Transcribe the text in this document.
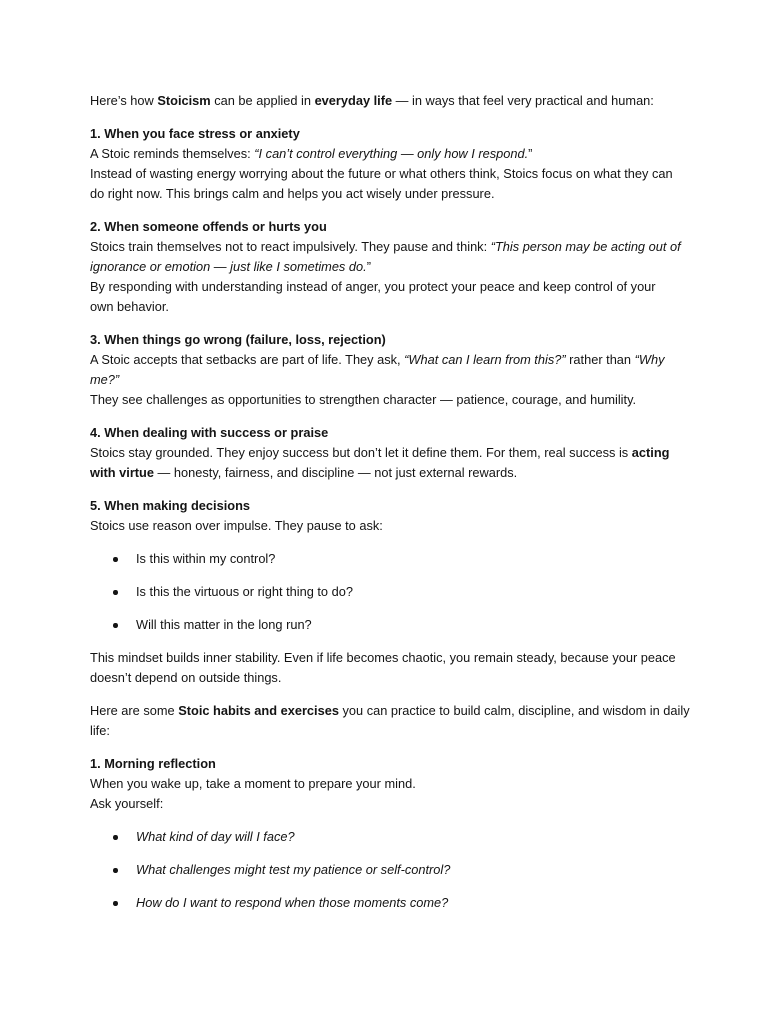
Here’s how Stoicism can be applied in everyday life — in ways that feel very practical and human:
1. When you face stress or anxiety
A Stoic reminds themselves: “I can’t control everything — only how I respond.”
Instead of wasting energy worrying about the future or what others think, Stoics focus on what they can
do right now. This brings calm and helps you act wisely under pressure.
2. When someone offends or hurts you
Stoics train themselves not to react impulsively. They pause and think: “This person may be acting out of
ignorance or emotion — just like I sometimes do.”
By responding with understanding instead of anger, you protect your peace and keep control of your
own behavior.
3. When things go wrong (failure, loss, rejection)
A Stoic accepts that setbacks are part of life. They ask, “What can I learn from this?” rather than “Why
me?”
They see challenges as opportunities to strengthen character — patience, courage, and humility.
4. When dealing with success or praise
Stoics stay grounded. They enjoy success but don’t let it define them. For them, real success is acting
with virtue — honesty, fairness, and discipline — not just external rewards.
5. When making decisions
Stoics use reason over impulse. They pause to ask:
Is this within my control?
Is this the virtuous or right thing to do?
Will this matter in the long run?
This mindset builds inner stability. Even if life becomes chaotic, you remain steady, because your peace
doesn’t depend on outside things.
Here are some Stoic habits and exercises you can practice to build calm, discipline, and wisdom in daily
life:
1. Morning reflection
When you wake up, take a moment to prepare your mind.
Ask yourself:
What kind of day will I face?
What challenges might test my patience or self-control?
How do I want to respond when those moments come?
